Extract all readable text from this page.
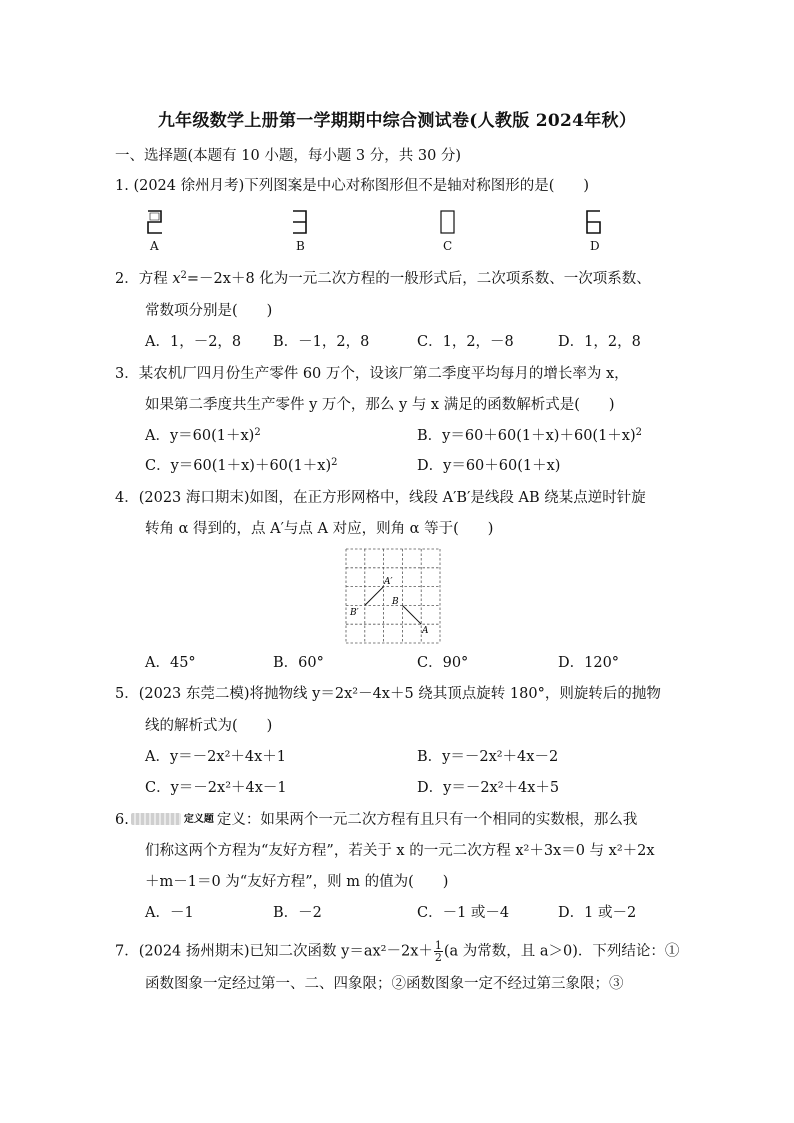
九年级数学上册第一学期期中综合测试卷(人教版 2024年秋）
一、选择题(本题有 10 小题，每小题 3 分，共 30 分)
1. (2024 徐州月考)下列图案是中心对称图形但不是轴对称图形的是(　　)
A	B	C	D
2．方程 $x^2=-2x+8$ 化为一元二次方程的一般形式后，二次项系数、一次项系数、
常数项分别是(　　)
A．1，－2，8 B．－1，2，8	C．1，2，－8	D．1，2，8
3．某农机厂四月份生产零件 60 万个，设该厂第二季度平均每月的增长率为 x，
如果第二季度共生产零件 y 万个，那么 y 与 x 满足的函数解析式是(　　)
A．$y=60(1+x)^2$	B．$y=60+60(1+x)+60(1+x)^2$
C．$y=60(1+x)+60(1+x)^2$	D．y＝60＋60(1＋x)
4．(2023 海口期末)如图，在正方形网格中，线段 A′B′是线段 AB 绕某点逆时针旋
转角 α 得到的，点 A′与点 A 对应，则角 α 等于(　　)
A′
B′
B
A
A．45°	B．60°	C．90°	D．120°
5．(2023 东莞二模)将抛物线 y＝2x²－4x＋5 绕其顶点旋转 180°，则旋转后的抛物
线的解析式为(　　)
A．y＝－2x²＋4x＋1	B．y＝－2x²＋4x－2
C．y＝－2x²＋4x－1	D．y＝－2x²＋4x＋5
6.	定义题 定义：如果两个一元二次方程有且只有一个相同的实数根，那么我
们称这两个方程为“友好方程”，若关于 x 的一元二次方程 x²＋3x＝0 与 x²＋2x
＋m－1＝0 为“友好方程”，则 m 的值为(　　)
A．－1	B．－2	C．－1 或－4	D．1 或－2
7．(2024 扬州期末)已知二次函数 $y=ax^2-2x+ \frac{1}{2} (a$ 为常数，且 a＞0)．下列结论：①
函数图象一定经过第一、二、四象限；②函数图象一定不经过第三象限；③
